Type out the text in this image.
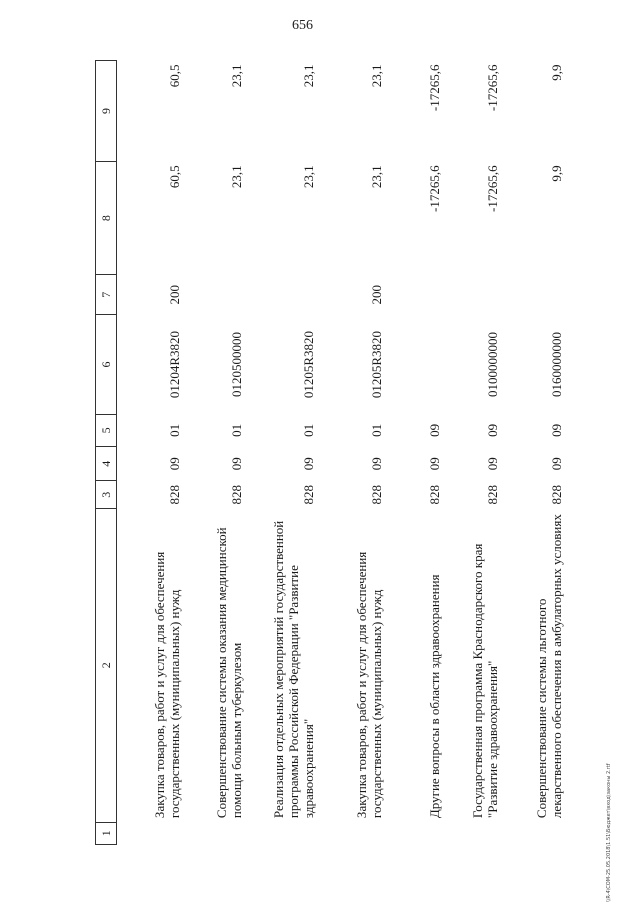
656
1	2	3	4	5	6	7	8	9

	Закупка товаров, работ и услуг для обеспечения государственных (муниципальных) нужд	828	09	01	01204R3820	200	60,5	60,5

	Совершенствование системы оказания медицинской помощи больным туберкулезом	828	09	01	0120500000		23,1	23,1

	Реализация отдельных мероприятий государственной программы Российской Федерации "Развитие здравоохранения"	828	09	01	01205R3820		23,1	23,1

	Закупка товаров, работ и услуг для обеспечения государственных (муниципальных) нужд	828	09	01	01205R3820	200	23,1	23,1

	Другие вопросы в области здравоохранения	828	09	09			-17265,6	-17265,6

	Государственная программа Краснодарского края "Развитие здравоохранения"	828	09	09	0100000000		-17265,6	-17265,6

	Совершенствование системы льготного лекарственного обеспечения в амбулаторных условиях	828	09	09	0160000000		9,9	9,9
\\R-4\COM-25.05.2018\1.51\Бюджет\вход\законы 2.rtf
